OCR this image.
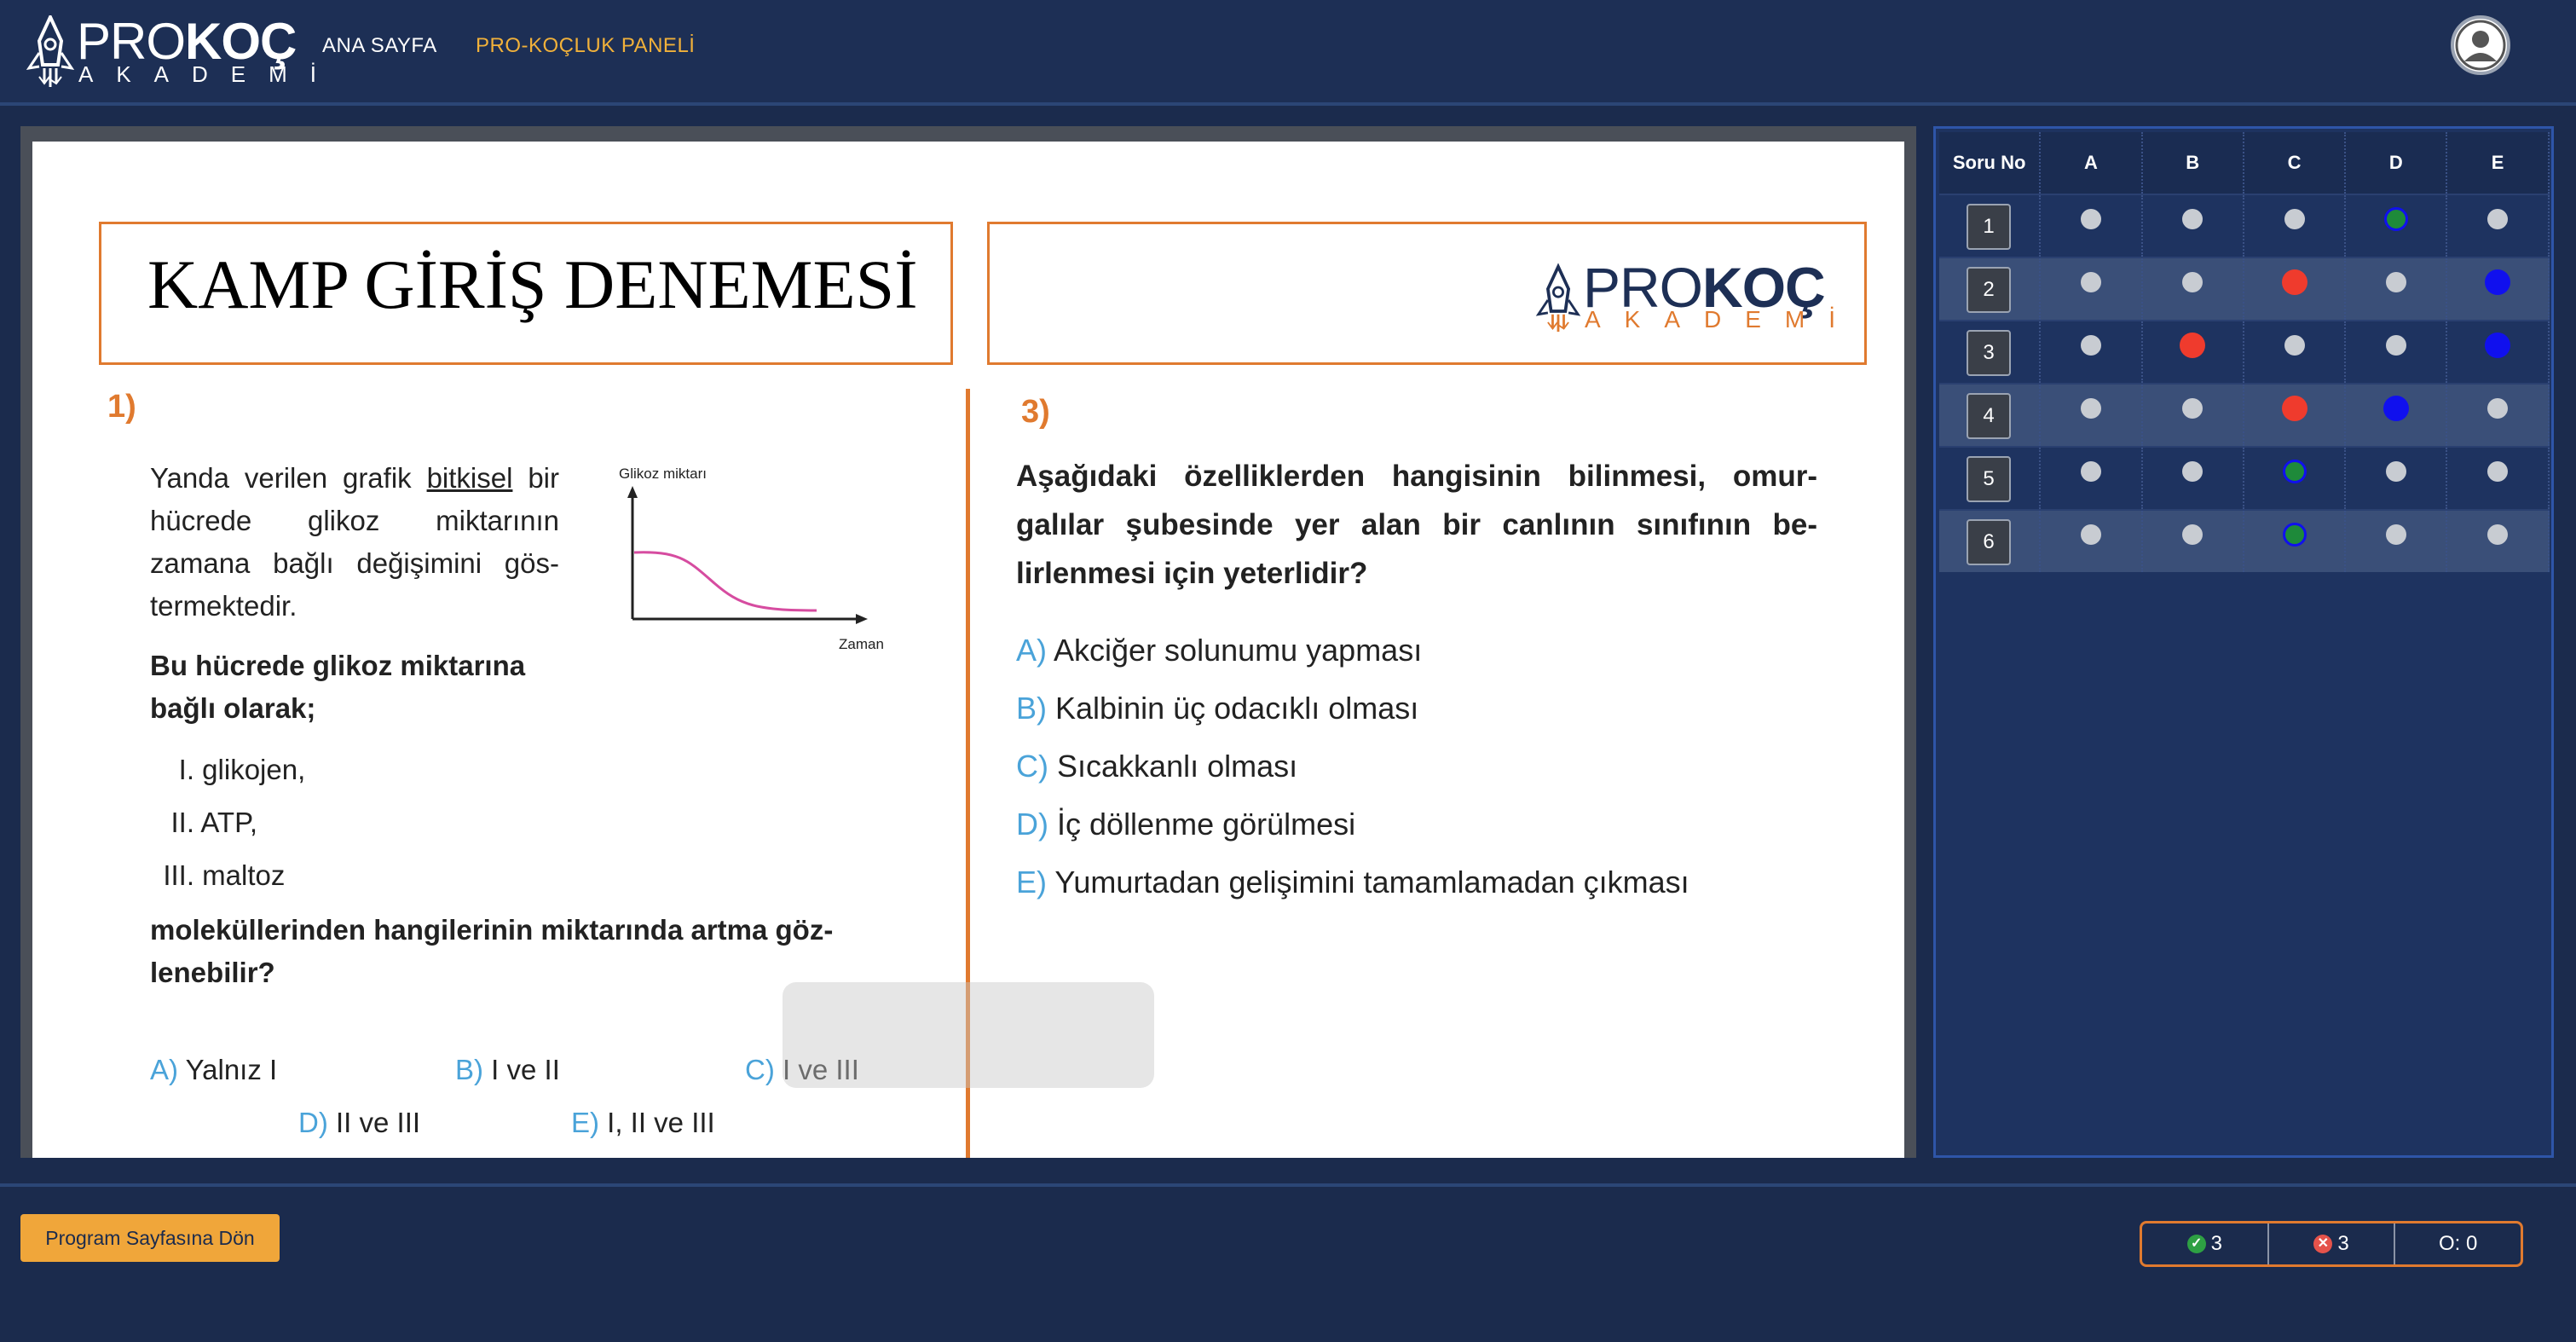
PROKOÇ
AKADEMİ
ANA SAYFA PRO-KOÇLUK PANELİ
KAMP GİRİŞ DENEMESİ	PROKOÇ
AKADEMİ
1)
Yanda verilen grafik bitkisel bir hücrede glikoz miktarının zamana bağlı değişimini göstermektedir.
Bu hücrede glikoz miktarına bağlı olarak;
I. glikojen,
II. ATP,
III. maltoz
moleküllerinden hangilerinin miktarında artma gözlenebilir?
Glikoz miktarı
Zaman
A) Yalnız I	B) I ve II	C) I ve III
D) II ve III	E) I, II ve III
3)
Aşağıdaki özelliklerden hangisinin bilinmesi, omurgalılar şubesinde yer alan bir canlının sınıfının belirlenmesi için yeterlidir?
A) Akciğer solunumu yapması
B) Kalbinin üç odacıklı olması
C) Sıcakkanlı olması
D) İç döllenme görülmesi
E) Yumurtadan gelişimini tamamlamadan çıkması
Soru No	A	B	C	D	E
1
2
3
4
5
6
Program Sayfasına Dön	✓ 3	✕ 3	O: 0
